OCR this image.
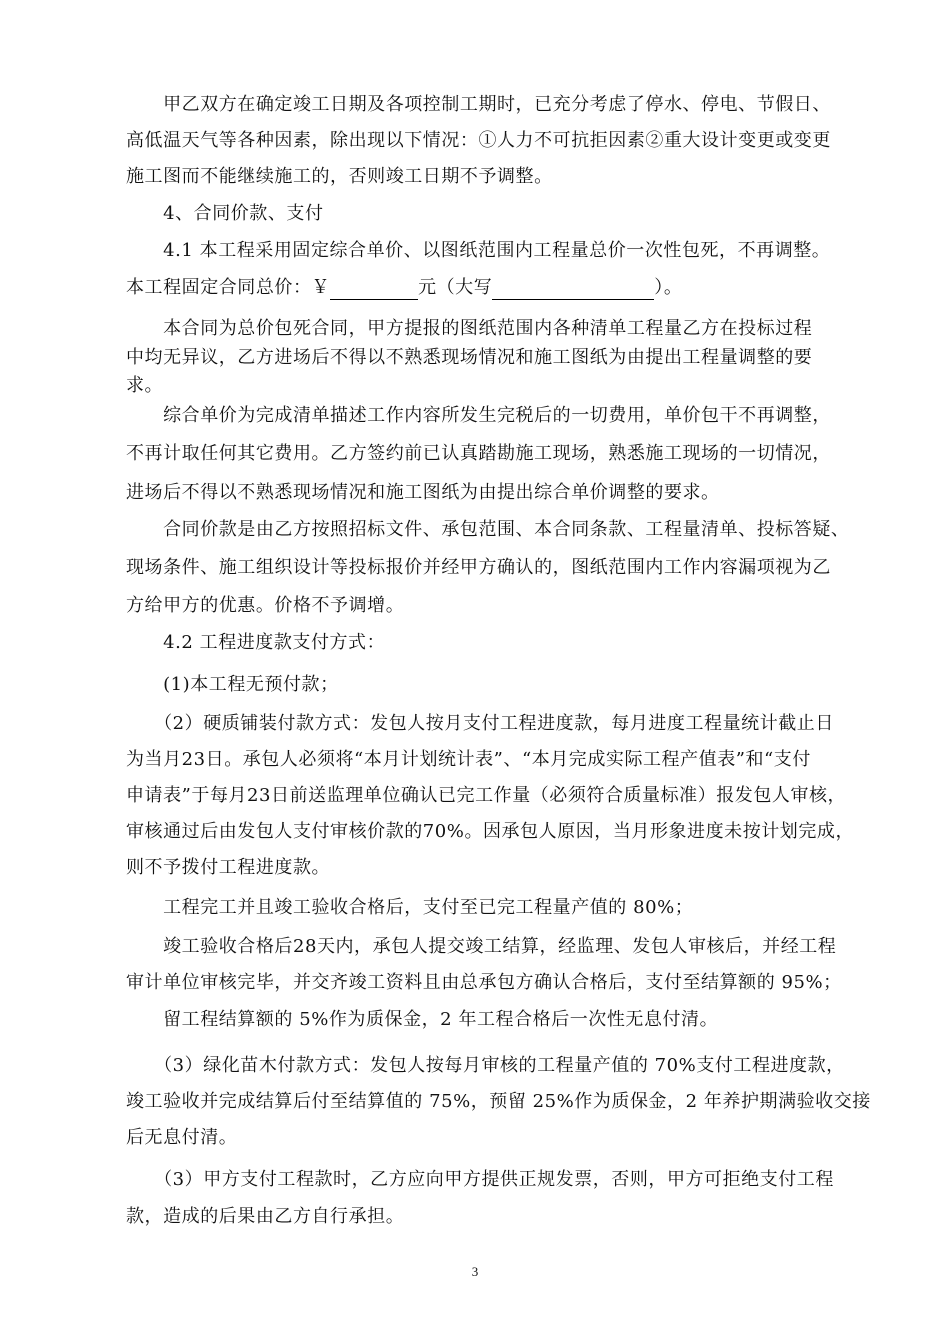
　　甲乙双方在确定竣工日期及各项控制工期时，已充分考虑了停水、停电、节假日、
高低温天气等各种因素，除出现以下情况：①人力不可抗拒因素②重大设计变更或变更
施工图而不能继续施工的，否则竣工日期不予调整。
　　4、合同价款、支付
　　4.1 本工程采用固定综合单价、以图纸范围内工程量总价一次性包死，不再调整。
本工程固定合同总价：￥	元（大写	）。
　　本合同为总价包死合同，甲方提报的图纸范围内各种清单工程量乙方在投标过程
中均无异议，乙方进场后不得以不熟悉现场情况和施工图纸为由提出工程量调整的要
求。
　　综合单价为完成清单描述工作内容所发生完税后的一切费用，单价包干不再调整，
不再计取任何其它费用。乙方签约前已认真踏勘施工现场，熟悉施工现场的一切情况，
进场后不得以不熟悉现场情况和施工图纸为由提出综合单价调整的要求。
　　合同价款是由乙方按照招标文件、承包范围、本合同条款、工程量清单、投标答疑、
现场条件、施工组织设计等投标报价并经甲方确认的，图纸范围内工作内容漏项视为乙
方给甲方的优惠。价格不予调增。
　　4.2 工程进度款支付方式：
　　(1)本工程无预付款；
　　（2）硬质铺装付款方式：发包人按月支付工程进度款，每月进度工程量统计截止日
为当月23日。承包人必须将“本月计划统计表”、“本月完成实际工程产值表”和“支付
申请表”于每月23日前送监理单位确认已完工作量（必须符合质量标准）报发包人审核，
审核通过后由发包人支付审核价款的70%。因承包人原因，当月形象进度未按计划完成，
则不予拨付工程进度款。
　　工程完工并且竣工验收合格后，支付至已完工程量产值的 80%；
　　竣工验收合格后28天内，承包人提交竣工结算，经监理、发包人审核后，并经工程
审计单位审核完毕，并交齐竣工资料且由总承包方确认合格后，支付至结算额的 95%；
　　留工程结算额的 5%作为质保金，2 年工程合格后一次性无息付清。
　　（3）绿化苗木付款方式：发包人按每月审核的工程量产值的 70%支付工程进度款，
竣工验收并完成结算后付至结算值的 75%，预留 25%作为质保金，2 年养护期满验收交接
后无息付清。
　　（3）甲方支付工程款时，乙方应向甲方提供正规发票，否则，甲方可拒绝支付工程
款，造成的后果由乙方自行承担。
3
